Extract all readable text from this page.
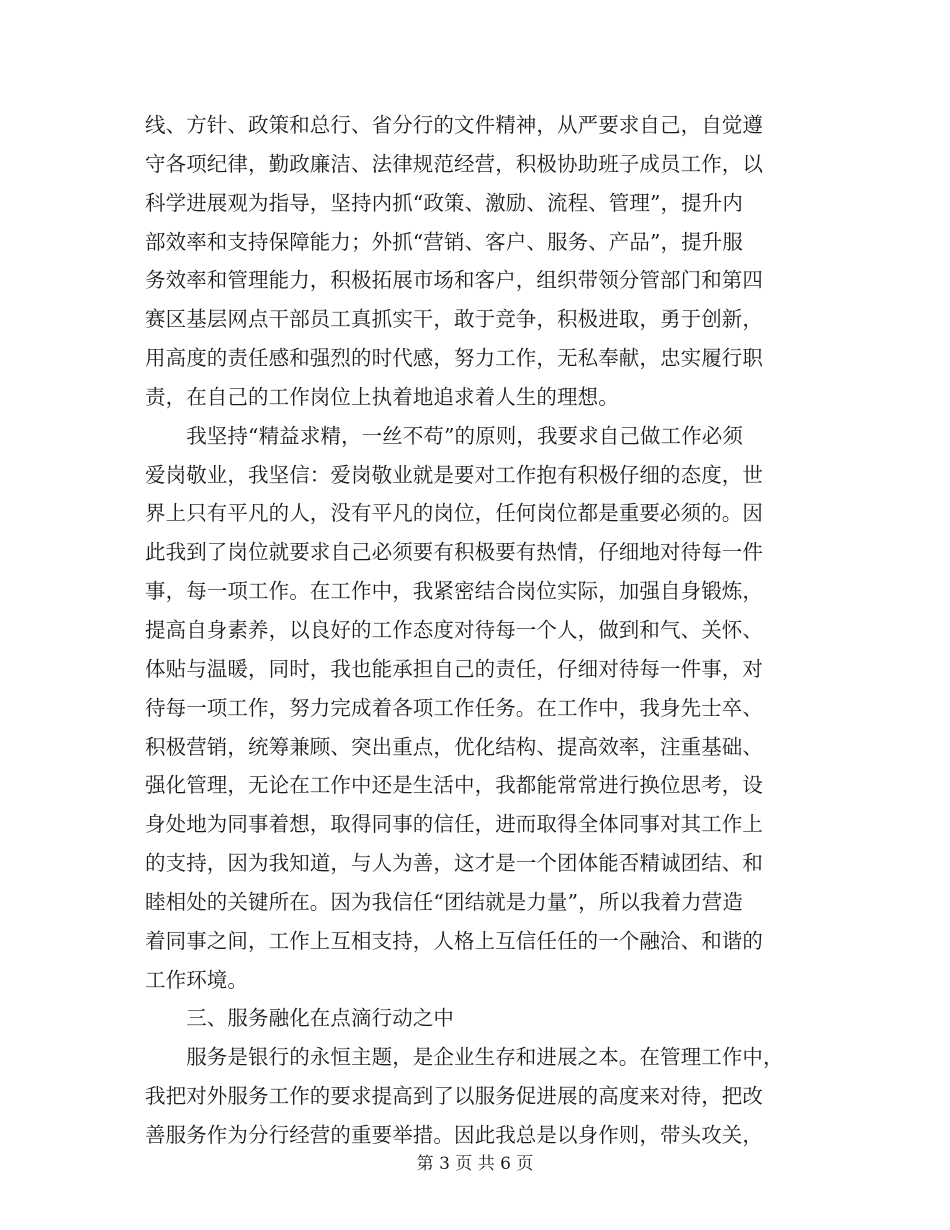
线、方针、政策和总行、省分行的文件精神，从严要求自己，自觉遵
守各项纪律，勤政廉洁、法律规范经营，积极协助班子成员工作，以
科学进展观为指导，坚持内抓“政策、激励、流程、管理”，提升内
部效率和支持保障能力；外抓“营销、客户、服务、产品”，提升服
务效率和管理能力，积极拓展市场和客户，组织带领分管部门和第四
赛区基层网点干部员工真抓实干，敢于竞争，积极进取，勇于创新，
用高度的责任感和强烈的时代感，努力工作，无私奉献，忠实履行职
责，在自己的工作岗位上执着地追求着人生的理想。
　　我坚持“精益求精，一丝不苟”的原则，我要求自己做工作必须
爱岗敬业，我坚信：爱岗敬业就是要对工作抱有积极仔细的态度，世
界上只有平凡的人，没有平凡的岗位，任何岗位都是重要必须的。因
此我到了岗位就要求自己必须要有积极要有热情，仔细地对待每一件
事，每一项工作。在工作中，我紧密结合岗位实际，加强自身锻炼，
提高自身素养，以良好的工作态度对待每一个人，做到和气、关怀、
体贴与温暖，同时，我也能承担自己的责任，仔细对待每一件事，对
待每一项工作，努力完成着各项工作任务。在工作中，我身先士卒、
积极营销，统筹兼顾、突出重点，优化结构、提高效率，注重基础、
强化管理，无论在工作中还是生活中，我都能常常进行换位思考，设
身处地为同事着想，取得同事的信任，进而取得全体同事对其工作上
的支持，因为我知道，与人为善，这才是一个团体能否精诚团结、和
睦相处的关键所在。因为我信任“团结就是力量”，所以我着力营造
着同事之间，工作上互相支持，人格上互信任任的一个融洽、和谐的
工作环境。
　　三、服务融化在点滴行动之中
　　服务是银行的永恒主题，是企业生存和进展之本。在管理工作中，
我把对外服务工作的要求提高到了以服务促进展的高度来对待，把改
善服务作为分行经营的重要举措。因此我总是以身作则，带头攻关，
第 3 页 共 6 页
